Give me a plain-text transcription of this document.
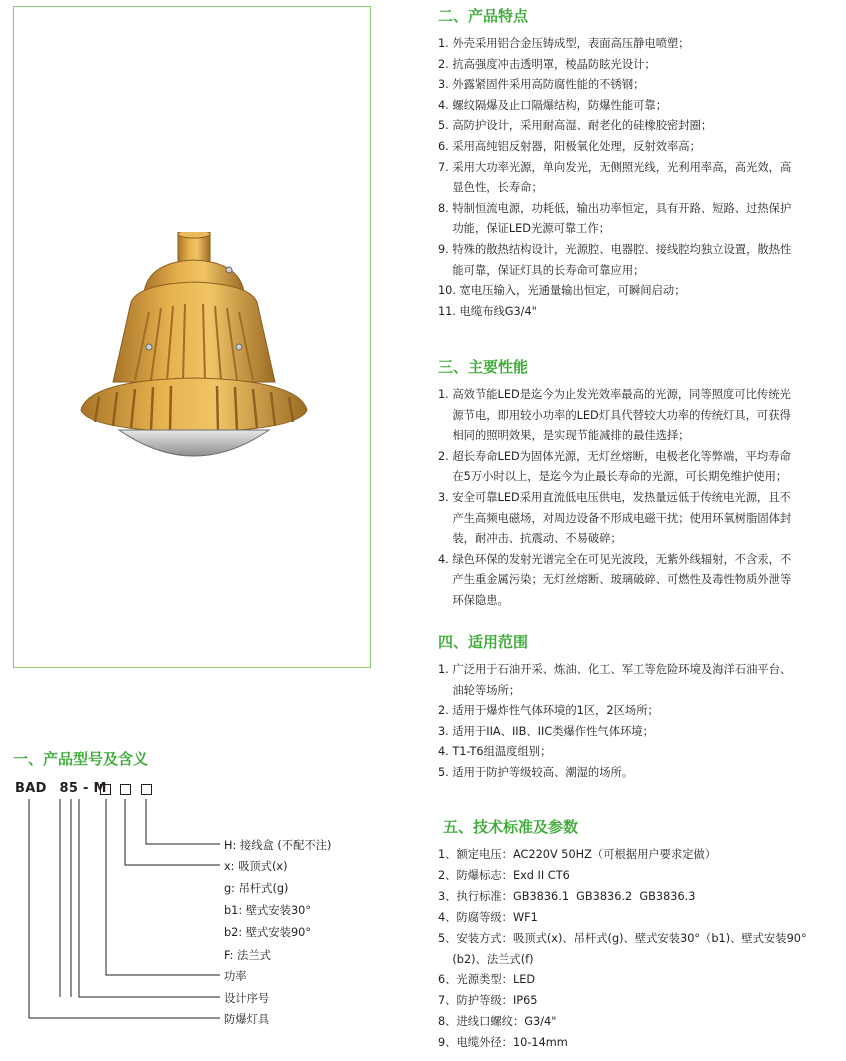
二、产品特点
1. 外壳采用铝合金压铸成型，表面高压静电喷塑；
2. 抗高强度冲击透明罩，棱晶防眩光设计；
3. 外露紧固件采用高防腐性能的不锈钢；
4. 螺纹隔爆及止口隔爆结构，防爆性能可靠；
5. 高防护设计，采用耐高湿、耐老化的硅橡胶密封圈；
6. 采用高纯铝反射器，阳极氧化处理，反射效率高；
7. 采用大功率光源，单向发光，无侧照光线，光利用率高，高光效，高
显色性，长寿命；
8. 特制恒流电源，功耗低，输出功率恒定，具有开路、短路、过热保护
功能，保证LED光源可靠工作；
9. 特殊的散热结构设计，光源腔、电器腔、接线腔均独立设置，散热性
能可靠，保证灯具的长寿命可靠应用；
10. 宽电压输入，光通量输出恒定，可瞬间启动；
11. 电缆布线G3/4"
三、主要性能
1. 高效节能LED是迄今为止发光效率最高的光源，同等照度可比传统光
源节电，即用较小功率的LED灯具代替较大功率的传统灯具，可获得
相同的照明效果，是实现节能减排的最佳选择；
2. 超长寿命LED为固体光源，无灯丝熔断，电极老化等弊端，平均寿命
在5万小时以上，是迄今为止最长寿命的光源，可长期免维护使用；
3. 安全可靠LED采用直流低电压供电，发热量远低于传统电光源，且不
产生高频电磁场，对周边设备不形成电磁干扰；使用环氧树脂固体封
装，耐冲击、抗震动、不易破碎；
4. 绿色环保的发射光谱完全在可见光波段，无紫外线辐射，不含汞，不
产生重金属污染；无灯丝熔断、玻璃破碎、可燃性及毒性物质外泄等
环保隐患。
四、适用范围
1. 广泛用于石油开采、炼油、化工、军工等危险环境及海洋石油平台、
油轮等场所；
2. 适用于爆炸性气体环境的1区，2区场所；
3. 适用于IIA、IIB、IIC类爆作性气体环境；
4. T1-T6组温度组别；
5. 适用于防护等级较高、潮湿的场所。
五、技术标准及参数
1、额定电压：AC220V 50HZ（可根据用户要求定做）
2、防爆标志：Exd II CT6
3、执行标准：GB3836.1  GB3836.2  GB3836.3
4、防腐等级：WF1
5、安装方式：吸顶式(x)、吊杆式(g)、壁式安装30°（b1)、壁式安装90°
(b2)、法兰式(f)
6、光源类型：LED
7、防护等级：IP65
8、进线口螺纹：G3/4"
9、电缆外径：10-14mm
一、产品型号及含义
BAD 85 - M
H: 接线盒 (不配不注)
x: 吸顶式(x)
g: 吊杆式(g)
b1: 壁式安装30°
b2: 壁式安装90°
F: 法兰式
功率
设计序号
防爆灯具
